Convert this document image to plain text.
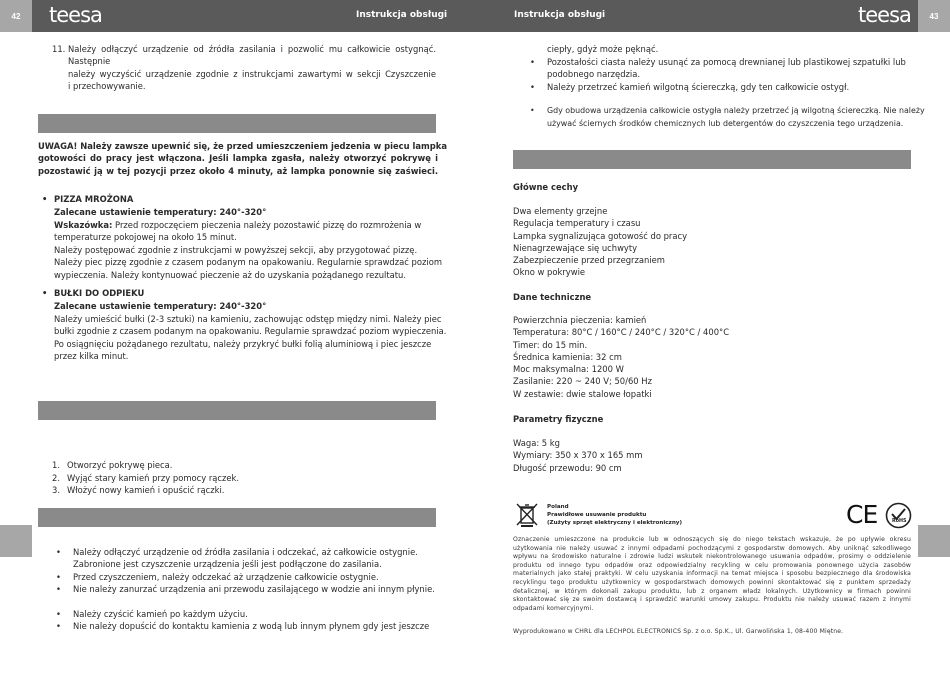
42	43
teesa	Instrukcja obsługi	Instrukcja obsługi	teesa
11. Należy odłączyć urządzenie od źródła zasilania i pozwolić mu całkowicie ostygnąć. Następnie
należy wyczyścić urządzenie zgodnie z instrukcjami zawartymi w sekcji Czyszczenie
i przechowywanie.
UWAGA! Należy zawsze upewnić się, że przed umieszczeniem jedzenia w piecu lampka
gotowości do pracy jest włączona. Jeśli lampka zgasła, należy otworzyć pokrywę i
pozostawić ją w tej pozycji przez około 4 minuty, aż lampka ponownie się zaświeci.
• PIZZA MROŻONA
Zalecane ustawienie temperatury: 240°-320°
Wskazówka: Przed rozpoczęciem pieczenia należy pozostawić pizzę do rozmrożenia w
temperaturze pokojowej na około 15 minut.
Należy postępować zgodnie z instrukcjami w powyższej sekcji, aby przygotować pizzę.
Należy piec pizzę zgodnie z czasem podanym na opakowaniu. Regularnie sprawdzać poziom
wypieczenia. Należy kontynuować pieczenie aż do uzyskania pożądanego rezultatu.
• BUŁKI DO ODPIEKU
Zalecane ustawienie temperatury: 240°-320°
Należy umieścić bułki (2-3 sztuki) na kamieniu, zachowując odstęp między nimi. Należy piec
bułki zgodnie z czasem podanym na opakowaniu. Regularnie sprawdzać poziom wypieczenia.
Po osiągnięciu pożądanego rezultatu, należy przykryć bułki folią aluminiową i piec jeszcze
przez kilka minut.
1. Otworzyć pokrywę pieca.
2. Wyjąć stary kamień przy pomocy rączek.
3. Włożyć nowy kamień i opuścić rączki.
• Należy odłączyć urządzenie od źródła zasilania i odczekać, aż całkowicie ostygnie.
Zabronione jest czyszczenie urządzenia jeśli jest podłączone do zasilania.
• Przed czyszczeniem, należy odczekać aż urządzenie całkowicie ostygnie.
• Nie należy zanurzać urządzenia ani przewodu zasilającego w wodzie ani innym płynie.
• Należy czyścić kamień po każdym użyciu.
• Nie należy dopuścić do kontaktu kamienia z wodą lub innym płynem gdy jest jeszcze
ciepły, gdyż może pęknąć.
• Pozostałości ciasta należy usunąć za pomocą drewnianej lub plastikowej szpatułki lub
podobnego narzędzia.
• Należy przetrzeć kamień wilgotną ściereczką, gdy ten całkowicie ostygł.
• Gdy obudowa urządzenia całkowicie ostygła należy przetrzeć ją wilgotną ściereczką. Nie należy
używać ściernych środków chemicznych lub detergentów do czyszczenia tego urządzenia.
Główne cechy
Dwa elementy grzejne
Regulacja temperatury i czasu
Lampka sygnalizująca gotowość do pracy
Nienagrzewające się uchwyty
Zabezpieczenie przed przegrzaniem
Okno w pokrywie
Dane techniczne
Powierzchnia pieczenia: kamień
Temperatura: 80°C / 160°C / 240°C / 320°C / 400°C
Timer: do 15 min.
Średnica kamienia: 32 cm
Moc maksymalna: 1200 W
Zasilanie: 220 ~ 240 V; 50/60 Hz
W zestawie: dwie stalowe łopatki
Parametry fizyczne
Waga: 5 kg
Wymiary: 350 x 370 x 165 mm
Długość przewodu: 90 cm
Poland
Prawidłowe usuwanie produktu
(Zużyty sprzęt elektryczny i elektroniczny)	CE	RoHS
Oznaczenie umieszczone na produkcie lub w odnoszących się do niego tekstach wskazuje, że po upływie okresu
użytkowania nie należy usuwać z innymi odpadami pochodzącymi z gospodarstw domowych. Aby uniknąć szkodliwego
wpływu na środowisko naturalne i zdrowie ludzi wskutek niekontrolowanego usuwania odpadów, prosimy o oddzielenie
produktu od innego typu odpadów oraz odpowiedzialny recykling w celu promowania ponownego użycia zasobów
materialnych jako stałej praktyki. W celu uzyskania informacji na temat miejsca i sposobu bezpiecznego dla środowiska
recyklingu tego produktu użytkownicy w gospodarstwach domowych powinni skontaktować się z punktem sprzedaży
detalicznej, w którym dokonali zakupu produktu, lub z organem władz lokalnych. Użytkownicy w firmach powinni
skontaktować się ze swoim dostawcą i sprawdzić warunki umowy zakupu. Produktu nie należy usuwać razem z innymi
odpadami komercyjnymi.
Wyprodukowano w CHRL dla LECHPOL ELECTRONICS Sp. z o.o. Sp.K., Ul. Garwolińska 1, 08-400 Miętne.
